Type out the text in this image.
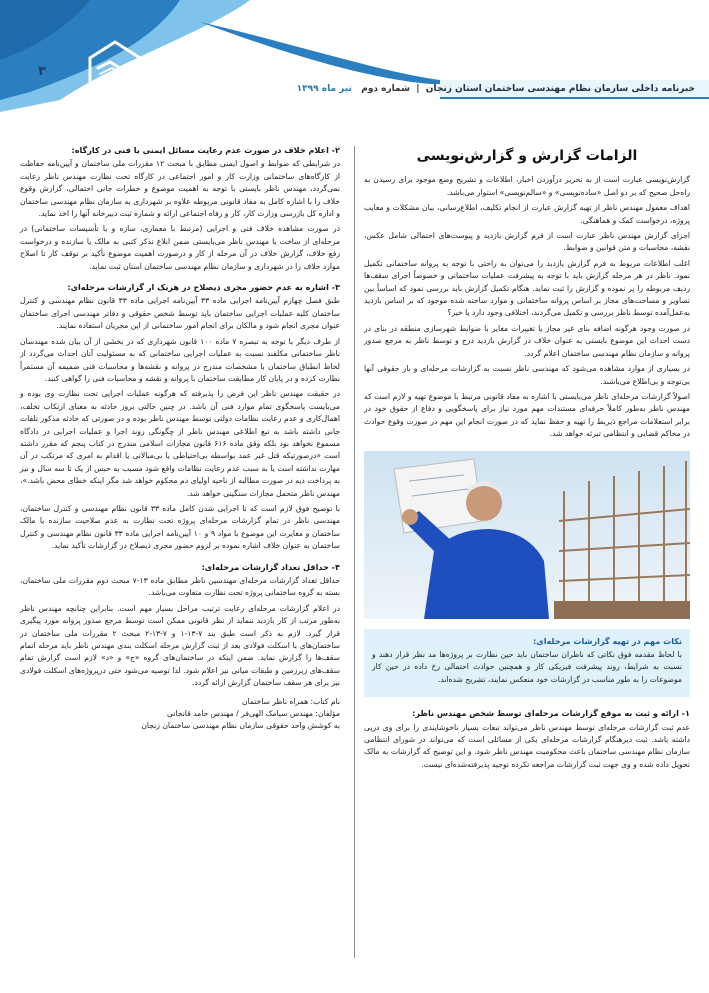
۳
خبرنامه داخلی سازمان نظام مهندسی ساختمان استان زنجان  |  شماره دوم   تیر ماه ۱۳۹۹
الزامات گزارش و گزارش‌نویسی

گزارش‌نویسی عبارت است از به تحریر درآوردن اخبار، اطلاعات و تشریح وضع موجود برای رسیدن به راه‌حل صحیح که بر دو اصل «ساده‌نویسی» و «سالم‌نویسی» استوار می‌باشد.

اهداف معمول مهندس ناظر از تهیه گزارش عبارت از انجام تکلیف، اطلاع‌رسانی، بیان مشکلات و معایب پروژه، درخواست کمک و هماهنگی.

اجزای گزارش مهندس ناظر عبارت است از فرم گزارش بازدید و پیوست‌های احتمالی شامل عکس، نقشه، محاسبات و متن قوانین و ضوابط.

اغلب اطلاعات مربوط به فرم گزارش بازدید را می‌توان به راحتی با توجه به پروانه ساختمانی تکمیل نمود. ناظر در هر مرحله گزارش باید با توجه به پیشرفت عملیات ساختمانی و خصوصاً اجرای سقف‌ها ردیف مربوطه را پر نموده و گزارش را ثبت نماید. هنگام تکمیل گزارش باید بررسی نمود که اساساً بین تصاویر و مساحت‌های مجاز بر اساس پروانه ساختمانی و موارد ساخته شده موجود که بر اساس بازدید به‌عمل‌آمده توسط ناظر بررسی و تکمیل می‌گردند، اختلافی وجود دارد یا خیر؟

در صورت وجود هرگونه اضافه بنای غیر مجاز یا تغییرات مغایر با ضوابط شهرسازی منطقه در بنای در دست احداث این موضوع بایستی به عنوان خلاف در گزارش بازدید درج و توسط ناظر به مرجع صدور پروانه و سازمان نظام مهندسی ساختمان اعلام گردد.

در بسیاری از موارد مشاهده می‌شود که مهندسی ناظر نسبت به گزارشات مرحله‌ای و بار حقوقی آنها بی‌توجه و بی‌اطلاع می‌باشند.

اصولاً گزارشات مرحله‌ای ناظر می‌بایستی با اشاره به مفاد قانونی مرتبط با موضوع تهیه و لازم است که مهندس ناظر به‌طور کاملاً حرفه‌ای مستندات مهم مورد نیاز برای پاسخگویی و دفاع از حقوق خود در برابر استعلامات مراجع ذیربط را تهیه و حفظ نماید که در صورت انجام این مهم در صورت وقوع حوادث در محاکم قضایی و انتظامی تبرئه خواهد شد.

نکات مهم در تهیه گزارشات مرحله‌ای:

با لحاظ مقدمه فوق نکاتی که ناظران ساختمان باید حین نظارت بر پروژه‌ها مد نظر قرار دهند و نسبت به شرایط، روند پیشرفت فیزیکی کار و همچنین حوادث احتمالی رخ داده در حین کار موضوعات را به طور مناسب در گزارشات خود منعکس نمایند، تشریح شده‌اند.

۱- ارائه و ثبت به موقع گزارشات مرحله‌ای توسط شخص مهندس ناظر:

عدم ثبت گزارشات مرحله‌ای توسط مهندس ناظر می‌تواند تبعات بسیار ناخوشایندی را برای وی درپی داشته باشد. ثبت دیرهنگام گزارشات مرحله‌ای یکی از مسائلی است که می‌تواند در شورای انتظامی سازمان نظام مهندسی ساختمان باعث محکومیت مهندس ناظر شود. و این توضیح که گزارشات به مالک تحویل داده شده و وی جهت ثبت گزارشات مراجعه نکرده توجیه پذیرفته‌شده‌ای نیست.

۲- اعلام خلاف در صورت عدم رعایت مسائل ایمنی یا فنی در کارگاه:

در شرایطی که ضوابط و اصول ایمنی مطابق با مبحث ۱۲ مقررات ملی ساختمان و آیین‌نامه حفاظت از کارگاه‌های ساختمانی وزارت کار و امور اجتماعی در کارگاه تحت نظارت مهندس ناظر رعایت نمی‌گردد، مهندس ناظر بایستی با توجه به اهمیت موضوع و خطرات جانی احتمالی، گزارش وقوع خلاف را با اشاره کامل به مفاد قانونی مربوطه علاوه بر شهرداری به سازمان نظام مهندسی ساختمان و اداره کل بازرسی وزارت کار، کار و رفاه اجتماعی ارائه و شماره ثبت دبیرخانه آنها را اخذ نماید.

در صورت مشاهده خلاف فنی و اجرایی (مرتبط با معماری، سازه و یا تأسیسات ساختمانی) در مرحله‌ای از ساخت یا مهندس ناظر می‌بایستی ضمن ابلاغ تذکر کتبی به مالک یا سازنده و درخواست رفع خلاف، گزارش خلاف در آن مرحله از کار و درصورت اهمیت موضوع تأکید بر توقف کار تا اصلاح موارد خلاف را در شهرداری و سازمان نظام مهندسی ساختمان استان ثبت نماید.

۳- اشاره به عدم حضور مجری ذیصلاح در هریک از گزارشات مرحله‌ای:

طبق فصل چهارم آیین‌نامه اجرایی ماده ۳۳ آیین‌نامه اجرایی ماده ۳۳ قانون نظام مهندسی و کنترل ساختمان کلیه عملیات اجرایی ساختمان باید توسط شخص حقوقی و دفاتر مهندسی اجرای ساختمان عنوان مجری انجام شود و مالکان برای انجام امور ساختمانی از این مجریان استفاده نمایند.

از طرف دیگر با توجه به تبصره ۷ ماده ۱۰۰ قانون شهرداری که در بخشی از آن بیان شده مهندسان ناظر ساختمانی مکلفند نسبت به عملیات اجرایی ساختمانی که به مسئولیت آنان احداث می‌گردد از لحاظ انطباق ساختمان با مشخصات مندرج در پروانه و نقشه‌ها و محاسبات فنی ضمیمه آن مستمراً نظارت کرده و در پایان کار مطابقت ساختمان با پروانه و نقشه و محاسبات فنی را گواهی کنند.

در حقیقت مهندس ناظر این فرض را پذیرفته که هرگونه عملیات اجرایی تحت نظارت وی بوده و می‌بایست پاسخگوی تمام موارد فنی آن باشد. در چنین حالتی بروز حادثه به معنای ارتکاب تخلف، اهمال‌کاری و عدم رعایت نظامات دولتی توسط مهندس ناظر بوده و در صورتی که حادثه مذکور تلفات جانی داشته باشد به تبع اطلاعی مهندس ناظر از چگونگی روند اجرا و عملیات اجرایی در دادگاه مسموع نخواهد بود بلکه وفق ماده ۶۱۶ قانون مجازات اسلامی مندرج در کتاب پنجم که مقرر داشته است «درصورتیکه قتل غیر عمد بواسطه بی‌احتیاطی یا بی‌مبالاتی یا اقدام به امری که مرتکب در آن مهارت نداشته است یا به سبب عدم رعایت نظامات واقع شود مسبب به حبس از یک تا سه سال و نیز به پرداخت دیه در صورت مطالبه از ناحیه اولیای دم محکوم خواهد شد مگر اینکه خطای محض باشد.»، مهندس ناظر متحمل مجازات سنگینی خواهد شد.

با توضیح فوق لازم است که تا اجرایی شدن کامل ماده ۳۳ قانون نظام مهندسی و کنترل ساختمان، مهندسی ناظر در تمام گزارشات مرحله‌ای پروژه تحت نظارت به عدم صلاحیت سازنده یا مالک ساختمان و مغایرت این موضوع با مواد ۹ و ۱۰ آیین‌نامه اجرایی ماده ۳۳ قانون نظام مهندسی و کنترل ساختمان به عنوان خلاف اشاره نموده بر لزوم حضور مجری ذیصلاح در گزارشات تأکید نماید.

۴- حداقل تعداد گزارشات مرحله‌ای:

حداقل تعداد گزارشات مرحله‌ای مهندسین ناظر مطابق ماده ۱۳-۷ مبحث دوم مقررات ملی ساختمان، بسته به گروه ساختمانی پروژه تحت نظارت متفاوت می‌باشد.

در اعلام گزارشات مرحله‌ای رعایت ترتیب مراحل بسیار مهم است. بنابراین چنانچه مهندس ناظر به‌طور مرتب از کار بازدید ننماید از نظر قانونی ممکن است توسط مرجع صدور پروانه مورد پیگیری قرار گیرد. لازم به ذکر است طبق بند ۷-۱۳-۱ و ۷-۱۳-۲ مبحث ۲ مقررات ملی ساختمان در ساختمان‌های با اسکلت فولادی بعد از ثبت گزارش مرحله اسکلت بندی مهندس ناظر باید مرحله اتمام سقف‌ها را گزارش نماید. ضمن اینکه در ساختمان‌های گروه «ج» و «د» لازم است گزارش تمام سقف‌های زیرزمین و طبقات میانی نیز اعلام شود. لذا توصیه می‌شود حتی درپروژه‌های اسکلت فولادی نیز برای هر سقف ساختمان گزارش ارائه گردد.

نام کتاب: همراه ناظر ساختمان

مؤلفان: مهندس سیامک الهی‌فر / مهندس حامد قانجانی

به کوشش واحد حقوقی سازمان نظام مهندسی ساختمان زنجان
